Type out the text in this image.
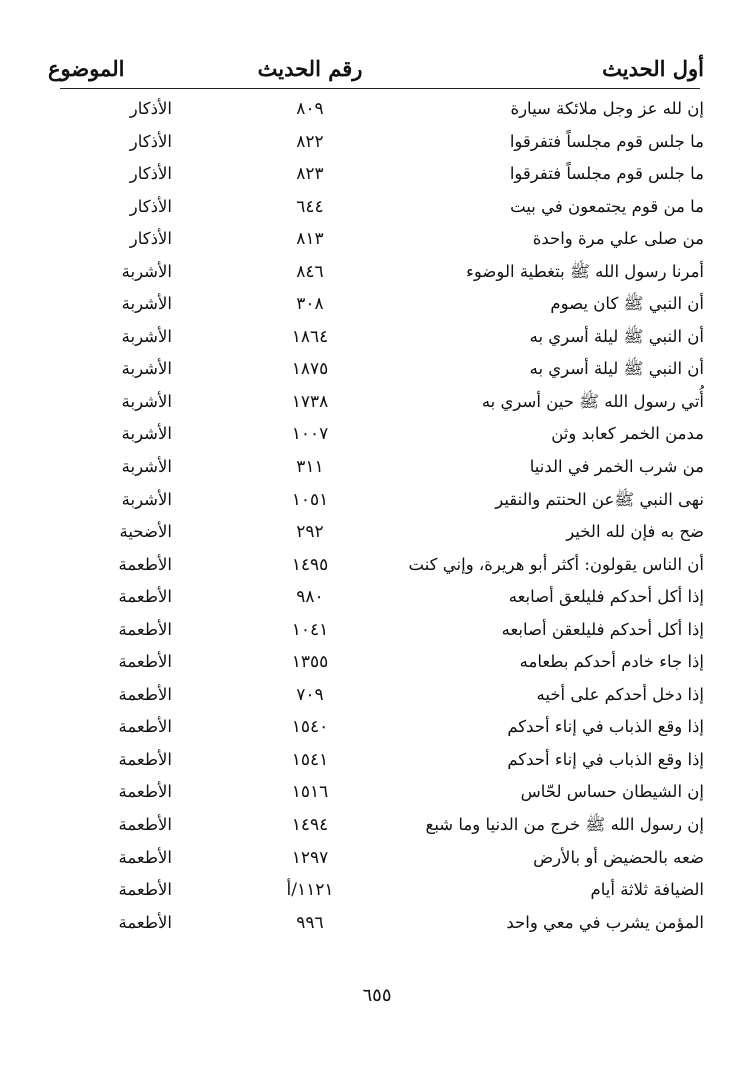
أول الحديث
رقم الحديث
الموضوع
إن لله عز وجل ملائكة سيارة
٨٠٩
الأذكار
ما جلس قوم مجلساً فتفرقوا
٨٢٢
الأذكار
ما جلس قوم مجلساً فتفرقوا
٨٢٣
الأذكار
ما من قوم يجتمعون في بيت
٦٤٤
الأذكار
من صلى علي مرة واحدة
٨١٣
الأذكار
أمرنا رسول الله ﷺ بتغطية الوضوء
٨٤٦
الأشربة
أن النبي ﷺ كان يصوم
٣٠٨
الأشربة
أن النبي ﷺ ليلة أسري به
١٨٦٤
الأشربة
أن النبي ﷺ ليلة أسري به
١٨٧٥
الأشربة
أُتي رسول الله ﷺ حين أسري به
١٧٣٨
الأشربة
مدمن الخمر كعابد وثن
١٠٠٧
الأشربة
من شرب الخمر في الدنيا
٣١١
الأشربة
نهى النبي ﷺعن الحنتم والنقير
١٠٥١
الأشربة
ضح به فإن لله الخير
٢٩٢
الأضحية
أن الناس يقولون: أكثر أبو هريرة، وإني كنت
١٤٩٥
الأطعمة
إذا أكل أحدكم فليلعق أصابعه
٩٨٠
الأطعمة
إذا أكل أحدكم فليلعقن أصابعه
١٠٤١
الأطعمة
إذا جاء خادم أحدكم بطعامه
١٣٥٥
الأطعمة
إذا دخل أحدكم على أخيه
٧٠٩
الأطعمة
إذا وقع الذباب في إناء أحدكم
١٥٤٠
الأطعمة
إذا وقع الذباب في إناء أحدكم
١٥٤١
الأطعمة
إن الشيطان حساس لحّاس
١٥١٦
الأطعمة
إن رسول الله ﷺ خرج من الدنيا وما شبع
١٤٩٤
الأطعمة
ضعه بالحضيض أو بالأرض
١٢٩٧
الأطعمة
الضيافة ثلاثة أيام
١١٢١/أ
الأطعمة
المؤمن يشرب في معي واحد
٩٩٦
الأطعمة
٦٥٥
